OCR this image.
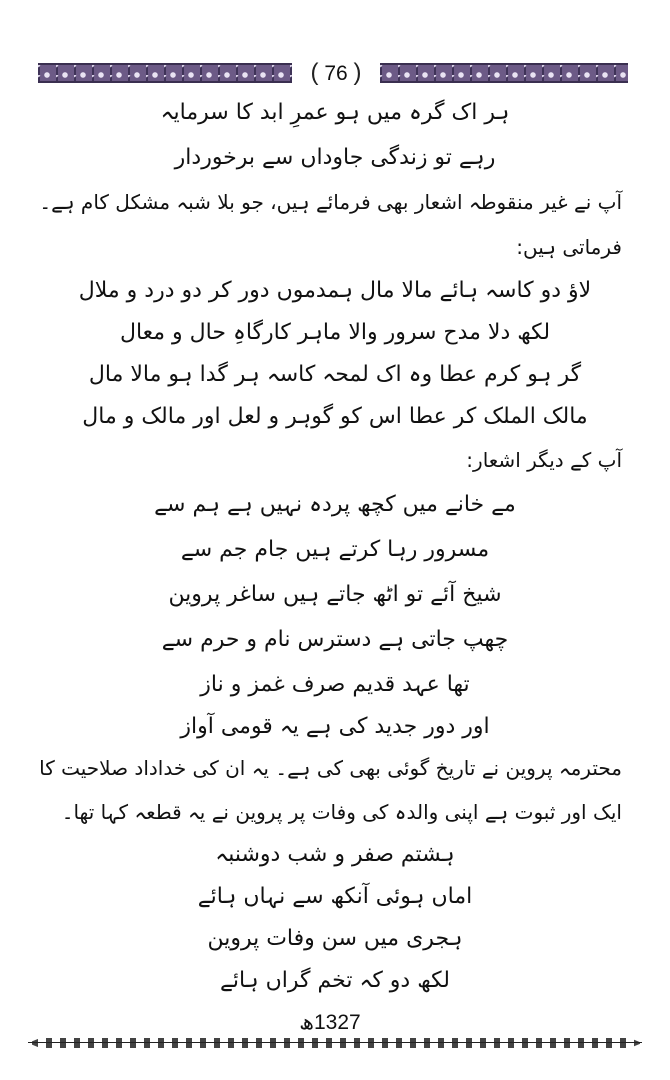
( 76 )
ہر اک گرہ میں ہو عمرِ ابد کا سرمایہ
رہے تو زندگی جاوداں سے برخوردار
آپ نے غیر منقوطہ اشعار بھی فرمائے ہیں، جو بلا شبہ مشکل کام ہے۔
فرماتی ہیں:
لاؤ دو کاسہ ہائے مالا مال ہمدموں دور کر دو درد و ملال
لکھ دلا مدح سرور والا ماہر کارگاہِ حال و معال
گر ہو کرم عطا وہ اک لمحہ کاسہ ہر گدا ہو مالا مال
مالک الملک کر عطا اس کو گوہر و لعل اور مالک و مال
آپ کے دیگر اشعار:
مے خانے میں کچھ پردہ نہیں ہے ہم سے
مسرور رہا کرتے ہیں جام جم سے
شیخ آئے تو اٹھ جاتے ہیں ساغر پروین
چھپ جاتی ہے دسترس نام و حرم سے
تھا عہد قدیم صرف غمز و ناز
اور دور جدید کی ہے یہ قومی آواز
محترمہ پروین نے تاریخ گوئی بھی کی ہے۔ یہ ان کی خداداد صلاحیت کا
ایک اور ثبوت ہے اپنی والدہ کی وفات پر پروین نے یہ قطعہ کہا تھا۔
ہشتم صفر و شب دوشنبہ
اماں ہوئی آنکھ سے نہاں ہائے
ہجری میں سن وفات پروین
لکھ دو کہ تخم گراں ہائے
1327ھ
